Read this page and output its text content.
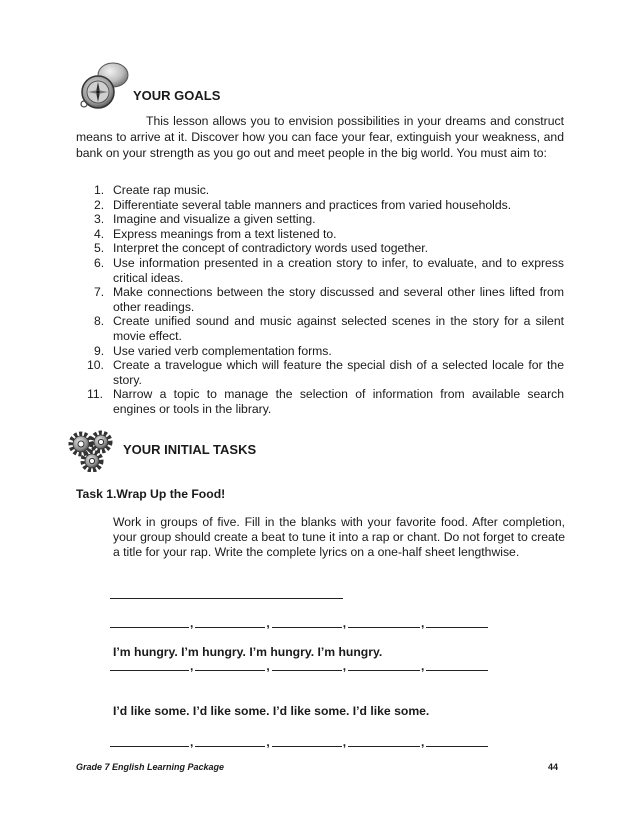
YOUR GOALS
This lesson allows you to envision possibilities in your dreams and construct means to arrive at it. Discover how you can face your fear, extinguish your weakness, and bank on your strength as you go out and meet people in the big world. You must aim to:
1. Create rap music.
2. Differentiate several table manners and practices from varied households.
3. Imagine and visualize a given setting.
4. Express meanings from a text listened to.
5. Interpret the concept of contradictory words used together.
6. Use information presented in a creation story to infer, to evaluate, and to express critical ideas.
7. Make connections between the story discussed and several other lines lifted from other readings.
8. Create unified sound and music against selected scenes in the story for a silent movie effect.
9. Use varied verb complementation forms.
10. Create a travelogue which will feature the special dish of a selected locale for the story.
11. Narrow a topic to manage the selection of information from available search engines or tools in the library.
YOUR INITIAL TASKS
Task 1.Wrap Up the Food!
Work in groups of five. Fill in the blanks with your favorite food. After completion, your group should create a beat to tune it into a rap or chant. Do not forget to create a title for your rap. Write the complete lyrics on a one-half sheet lengthwise.
,	,	,	,
I’m hungry. I’m hungry. I’m hungry. I’m hungry.
,	,	,	,
I’d like some. I’d like some. I’d like some. I’d like some.
,	,	,	,
Grade 7 English Learning Package	44
